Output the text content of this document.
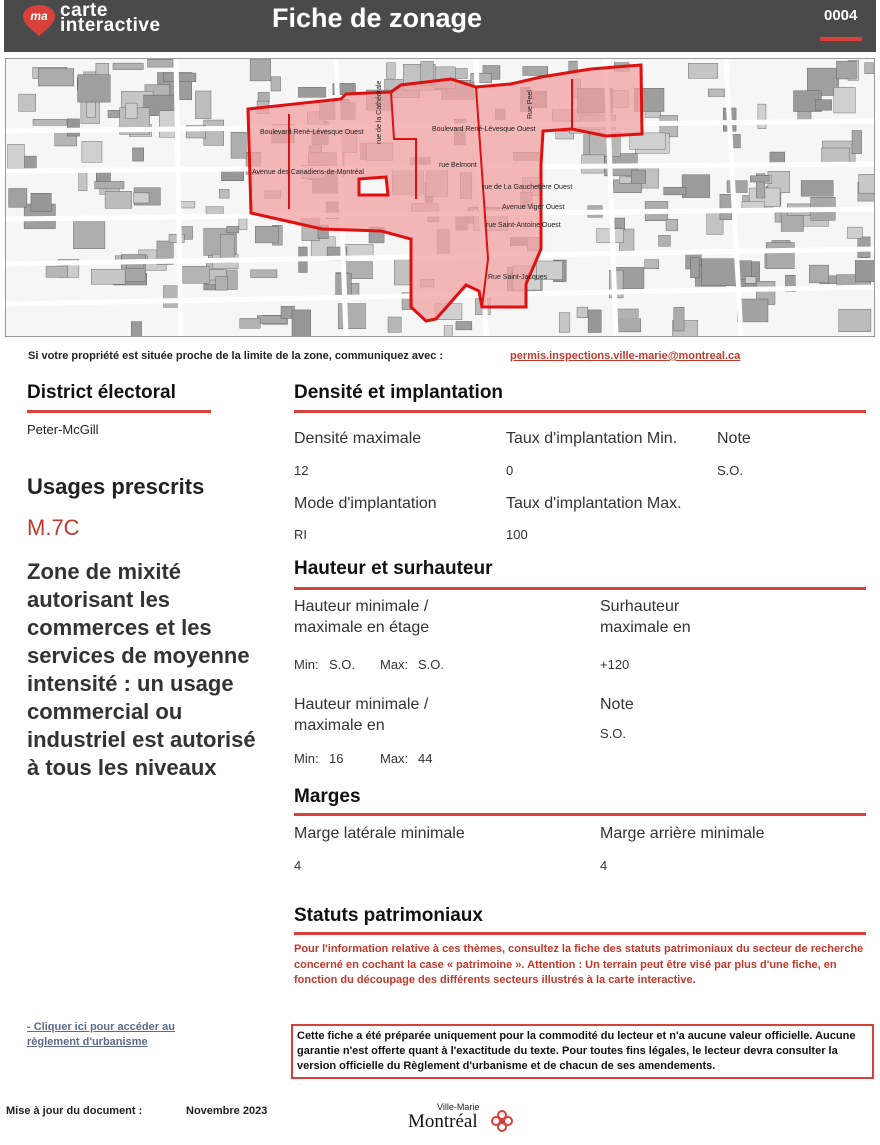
ma carte
interactive	Fiche de zonage	0004
Boulevard René-Lévesque Ouest	Boulevard René-Lévesque Ouest
Avenue des Canadiens-de-Montréal
rue de la Cathédrale
rue Belmont
rue de La Gauchetière Ouest
rue Saint-Antoine Ouest
Rue Saint-Jacques
Avenue Viger Ouest
Rue Peel
Si votre propriété est située proche de la limite de la zone, communiquez avec :	permis.inspections.ville-marie@montreal.ca
District électoral
Peter-McGill
Usages prescrits
M.7C
Zone de mixité autorisant les commerces et les services de moyenne intensité : un usage commercial ou industriel est autorisé à tous les niveaux
- Cliquer ici pour accéder au
règlement d'urbanisme
Densité et implantation
Densité maximale
12
Taux d'implantation Min.
0
Note
S.O.
Mode d'implantation
RI
Taux d'implantation Max.
100
Hauteur et surhauteur
Hauteur minimale /
maximale en étage
Min: S.O. Max: S.O.
Surhauteur
maximale en
+120
Hauteur minimale /
maximale en
Min: 16	Max: 44
Note
S.O.
Marges
Marge latérale minimale
4
Marge arrière minimale
4
Statuts patrimoniaux
Pour l'information relative à ces thèmes, consultez la fiche des statuts patrimoniaux du secteur de recherche concerné en cochant la case « patrimoine ». Attention : Un terrain peut être visé par plus d'une fiche, en fonction du découpage des différents secteurs illustrés à la carte interactive.
Cette fiche a été préparée uniquement pour la commodité du lecteur et n'a aucune valeur officielle. Aucune garantie n'est offerte quant à l'exactitude du texte. Pour toutes fins légales, le lecteur devra consulter la version officielle du Règlement d'urbanisme et de chacun de ses amendements.
Mise à jour du document :	Novembre 2023	Ville-Marie
Montréal
